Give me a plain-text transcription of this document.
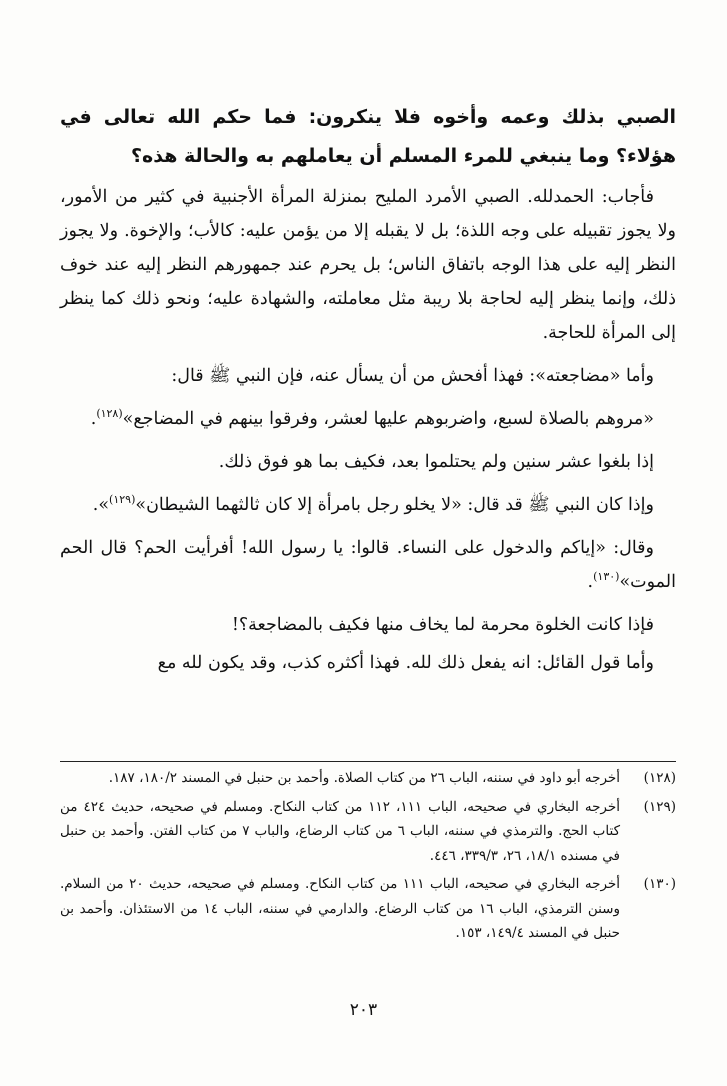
الصبي بذلك وعمه وأخوه فلا ينكرون: فما حكم الله تعالى في هؤلاء؟ وما ينبغي للمرء المسلم أن يعاملهم به والحالة هذه؟

فأجاب: الحمدلله. الصبي الأمرد المليح بمنزلة المرأة الأجنبية في كثير من الأمور، ولا يجوز تقبيله على وجه اللذة؛ بل لا يقبله إلا من يؤمن عليه: كالأب؛ والإخوة. ولا يجوز النظر إليه على هذا الوجه باتفاق الناس؛ بل يحرم عند جمهورهم النظر إليه عند خوف ذلك، وإنما ينظر إليه لحاجة بلا ريبة مثل معاملته، والشهادة عليه؛ ونحو ذلك كما ينظر إلى المرأة للحاجة.

وأما «مضاجعته»: فهذا أفحش من أن يسأل عنه، فإن النبي ﷺ قال:

«مروهم بالصلاة لسبع، واضربوهم عليها لعشر، وفرقوا بينهم في المضاجع»$^{(١٢٨)}$.

إذا بلغوا عشر سنين ولم يحتلموا بعد، فكيف بما هو فوق ذلك.

وإذا كان النبي ﷺ قد قال: «لا يخلو رجل بامرأة إلا كان ثالثهما الشيطان»$^{(١٢٩)}$».

وقال: «إياكم والدخول على النساء. قالوا: يا رسول الله! أفرأيت الحم؟ قال الحم الموت»$^{(١٣٠)}$.

فإذا كانت الخلوة محرمة لما يخاف منها فكيف بالمضاجعة؟!

وأما قول القائل: انه يفعل ذلك لله. فهذا أكثره كذب، وقد يكون لله مع

(١٢٨)
أخرجه أبو داود في سننه، الباب ٢٦ من كتاب الصلاة. وأحمد بن حنبل في المسند ١٨٠/٢، ١٨٧.
(١٢٩)
أخرجه البخاري في صحيحه، الباب ١١١، ١١٢ من كتاب النكاح. ومسلم في صحيحه، حديث ٤٢٤ من كتاب الحج. والترمذي في سننه، الباب ٦ من كتاب الرضاع، والباب ٧ من كتاب الفتن. وأحمد بن حنبل في مسنده ١٨/١، ٢٦، ٣٣٩/٣، ٤٤٦.
(١٣٠)
أخرجه البخاري في صحيحه، الباب ١١١ من كتاب النكاح. ومسلم في صحيحه، حديث ٢٠ من السلام. وسنن الترمذي، الباب ١٦ من كتاب الرضاع. والدارمي في سننه، الباب ١٤ من الاستئذان. وأحمد بن حنبل في المسند ١٤٩/٤، ١٥٣.
٢٠٣
